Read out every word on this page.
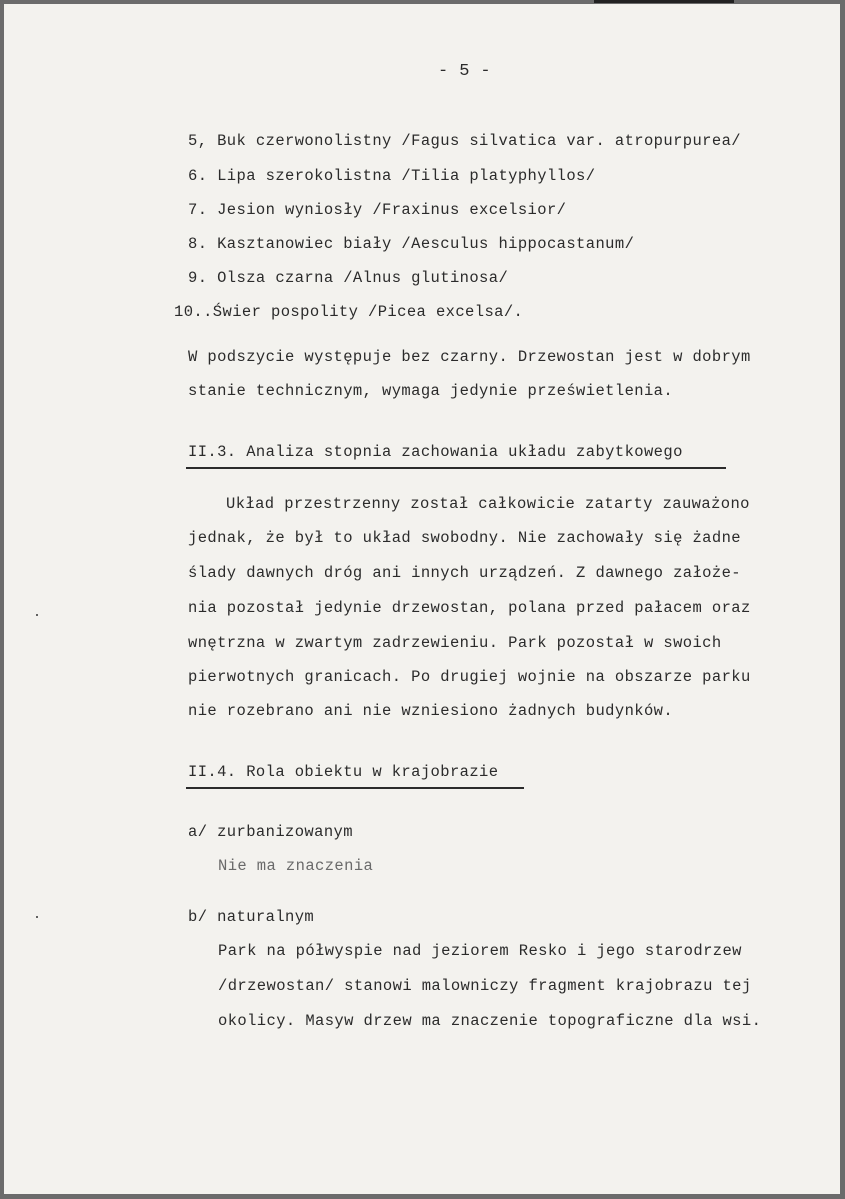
- 5 -
5, Buk czerwonolistny /Fagus silvatica var. atropurpurea/
6. Lipa szerokolistna /Tilia platyphyllos/
7. Jesion wyniosły /Fraxinus excelsior/
8. Kasztanowiec biały /Aesculus hippocastanum/
9. Olsza czarna /Alnus glutinosa/
10..Świer pospolity /Picea excelsa/.
W podszycie występuje bez czarny. Drzewostan jest w dobrym
stanie technicznym, wymaga jedynie prześwietlenia.
II.3. Analiza stopnia zachowania układu zabytkowego
Układ przestrzenny został całkowicie zatarty zauważono
jednak, że był to układ swobodny. Nie zachowały się żadne
ślady dawnych dróg ani innych urządzeń. Z dawnego założe-
nia pozostał jedynie drzewostan, polana przed pałacem oraz
wnętrzna w zwartym zadrzewieniu. Park pozostał w swoich
pierwotnych granicach. Po drugiej wojnie na obszarze parku
nie rozebrano ani nie wzniesiono żadnych budynków.
II.4. Rola obiektu w krajobrazie
a/ zurbanizowanym
Nie ma znaczenia
b/ naturalnym
Park na półwyspie nad jeziorem Resko i jego starodrzew
/drzewostan/ stanowi malowniczy fragment krajobrazu tej
okolicy. Masyw drzew ma znaczenie topograficzne dla wsi.
